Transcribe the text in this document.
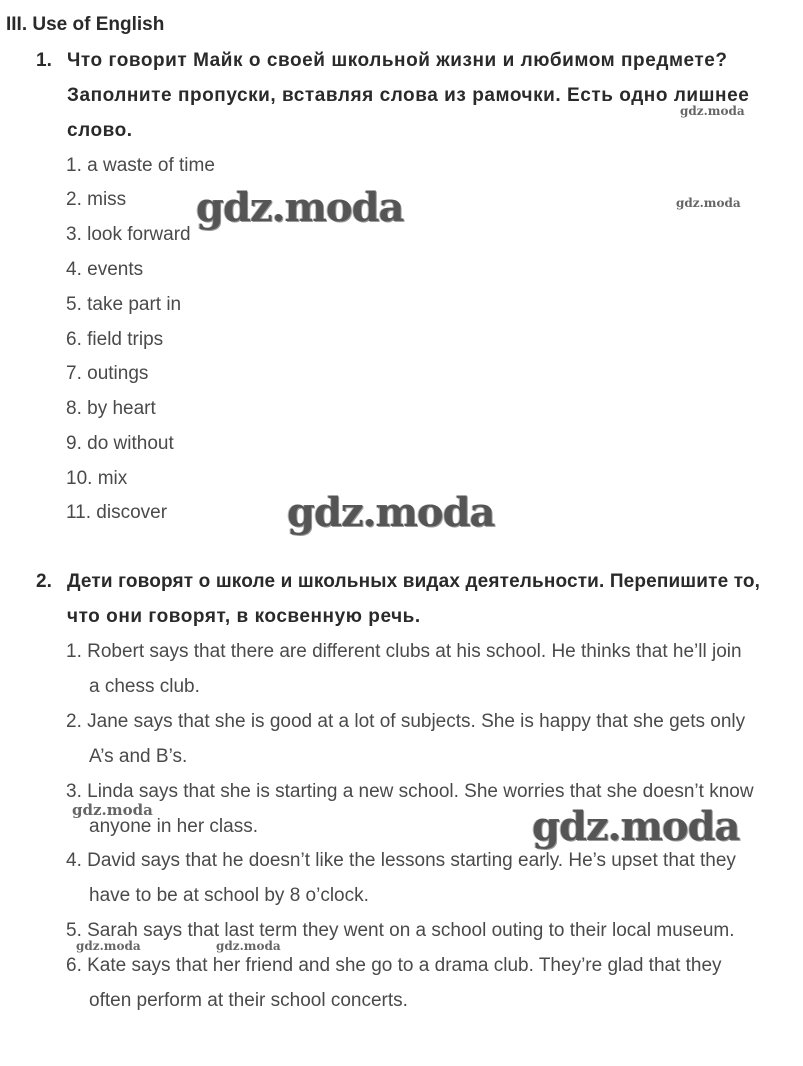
III. Use of English
1. Что говорит Майк о своей школьной жизни и любимом предмете?
Заполните пропуски, вставляя слова из рамочки. Есть одно лишнее
слово.
1. a waste of time
2. miss
3. look forward
4. events
5. take part in
6. field trips
7. outings
8. by heart
9. do without
10. mix
11. discover
2. Дети говорят о школе и школьных видах деятельности. Перепишите то,
что они говорят, в косвенную речь.
1. Robert says that there are different clubs at his school. He thinks that he’ll join
a chess club.
2. Jane says that she is good at a lot of subjects. She is happy that she gets only
A’s and B’s.
3. Linda says that she is starting a new school. She worries that she doesn’t know
anyone in her class.
4. David says that he doesn’t like the lessons starting early. He’s upset that they
have to be at school by 8 o’clock.
5. Sarah says that last term they went on a school outing to their local museum.
6. Kate says that her friend and she go to a drama club. They’re glad that they
often perform at their school concerts.
gdz.moda
gdz.moda
gdz.moda
gdz.moda
gdz.moda
gdz.moda
gdz.moda	gdz.moda
